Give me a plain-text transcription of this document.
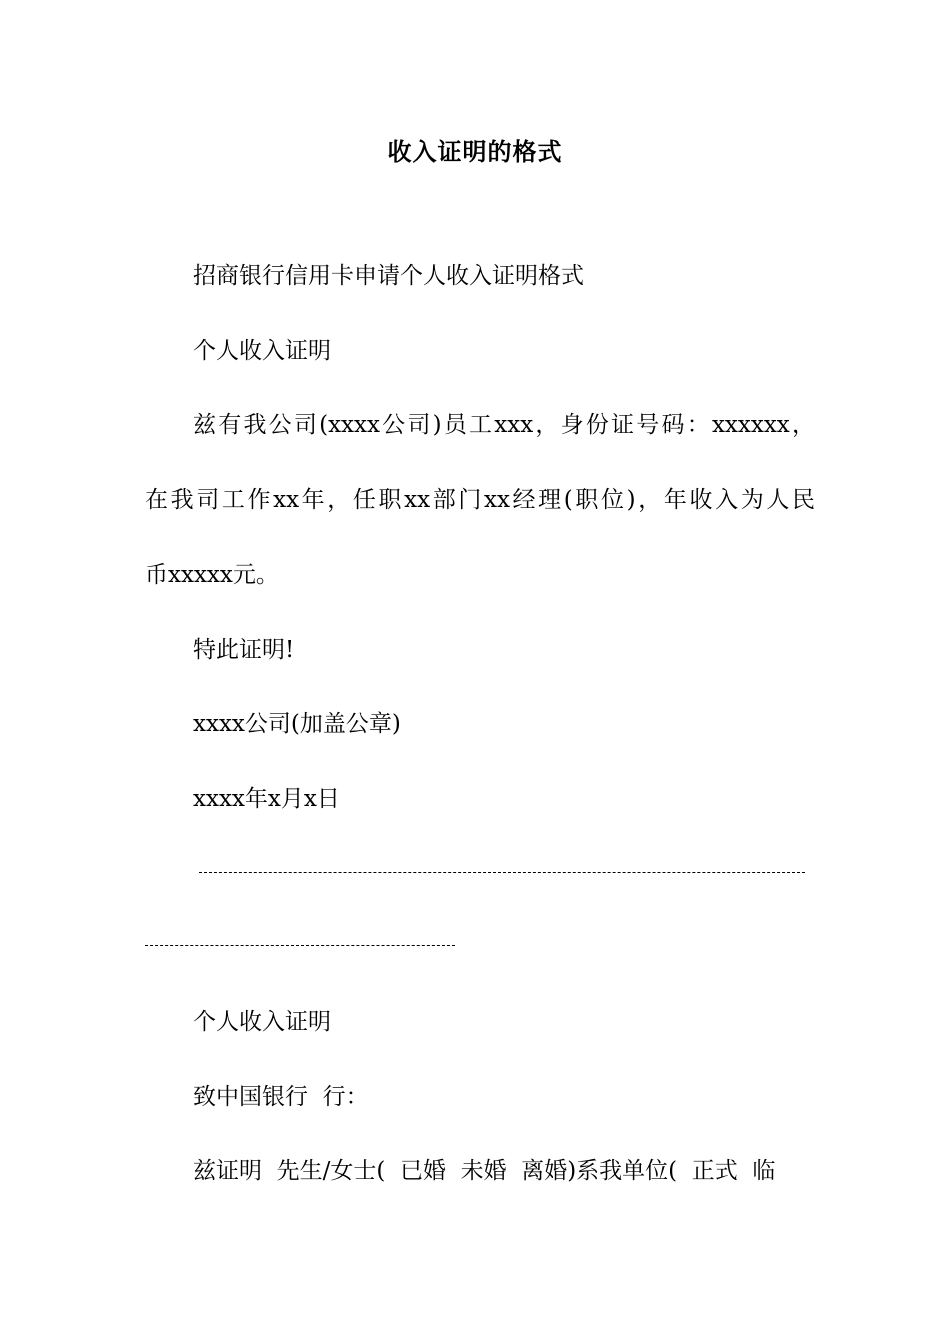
收入证明的格式
招商银行信用卡申请个人收入证明格式
个人收入证明
兹有我公司(xxxx公司)员工xxx，身份证号码：xxxxxx，
在我司工作xx年，任职xx部门xx经理(职位)，年收入为人民
币xxxxx元。
特此证明!
xxxx公司(加盖公章)
xxxx年x月x日
个人收入证明
致中国银行  行：
兹证明  先生/女士(  已婚  未婚  离婚)系我单位(  正式  临
